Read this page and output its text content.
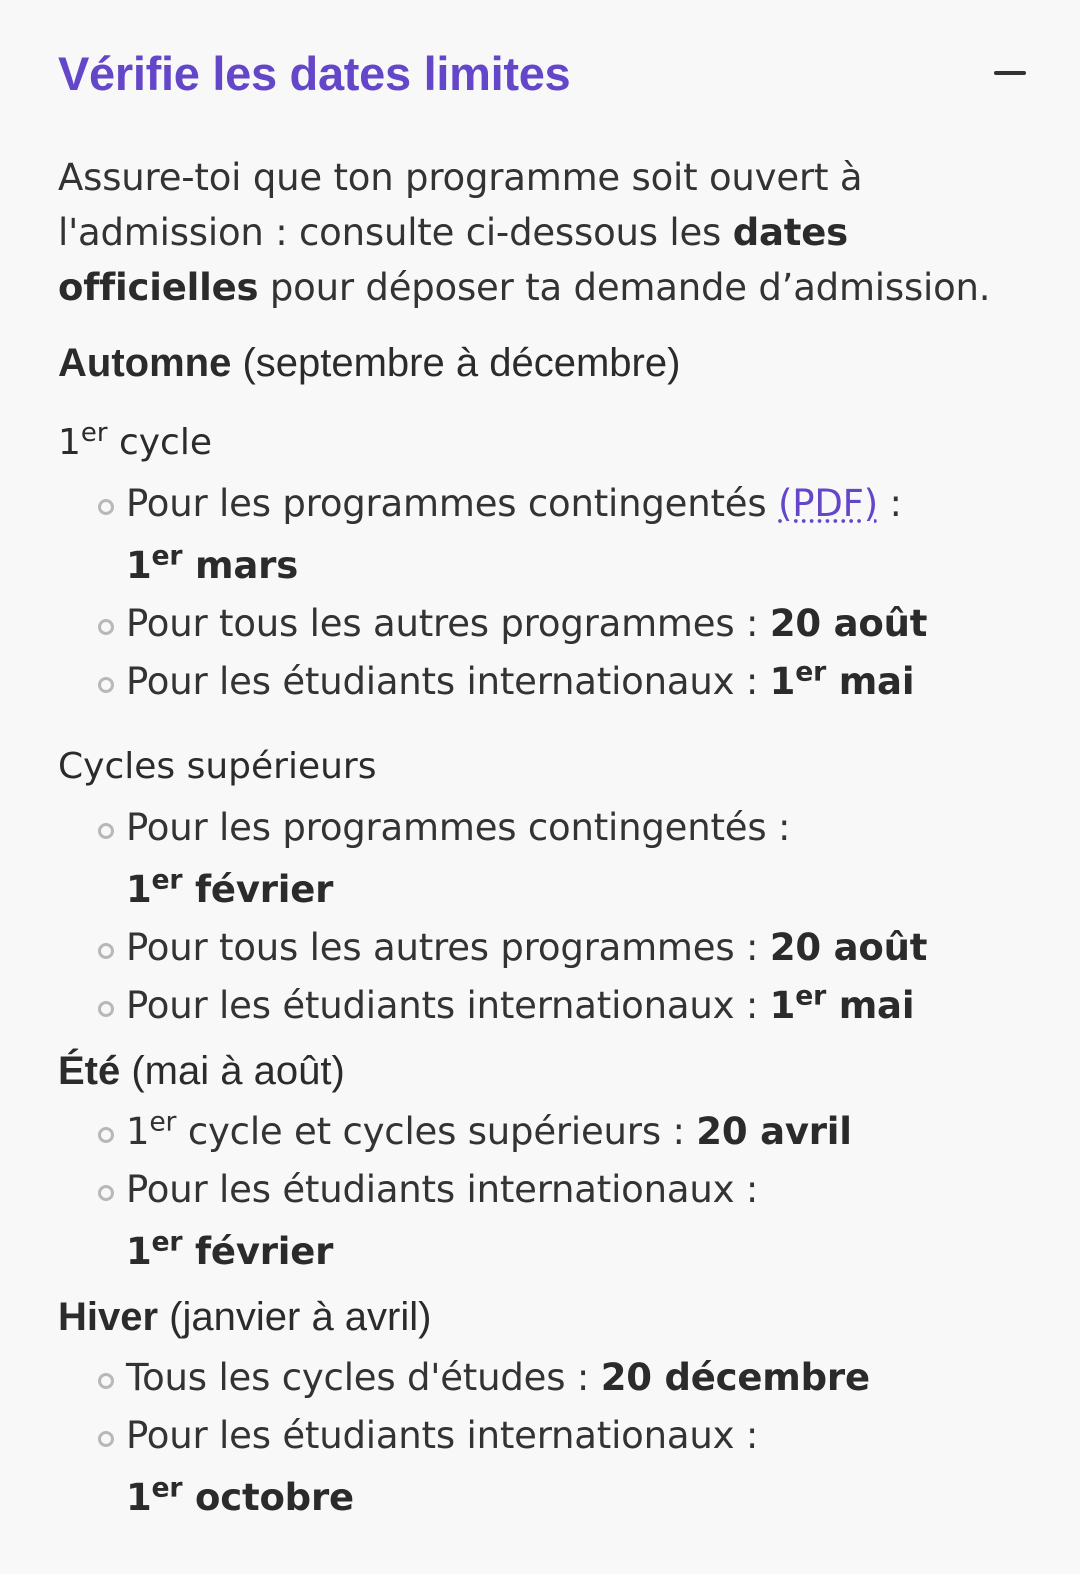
Vérifie les dates limites

Assure-toi que ton programme soit ouvert à l'admission : consulte ci-dessous les dates officielles pour déposer ta demande d’admission.

Automne (septembre à décembre)

1er cycle

Pour les programmes contingentés (PDF) :
1er mars
Pour tous les autres programmes : 20 août
Pour les étudiants internationaux : 1er mai

Cycles supérieurs

Pour les programmes contingentés :
1er février
Pour tous les autres programmes : 20 août
Pour les étudiants internationaux : 1er mai

Été (mai à août)

1er cycle et cycles supérieurs : 20 avril
Pour les étudiants internationaux :
1er février

Hiver (janvier à avril)

Tous les cycles d'études : 20 décembre
Pour les étudiants internationaux :
1er octobre
